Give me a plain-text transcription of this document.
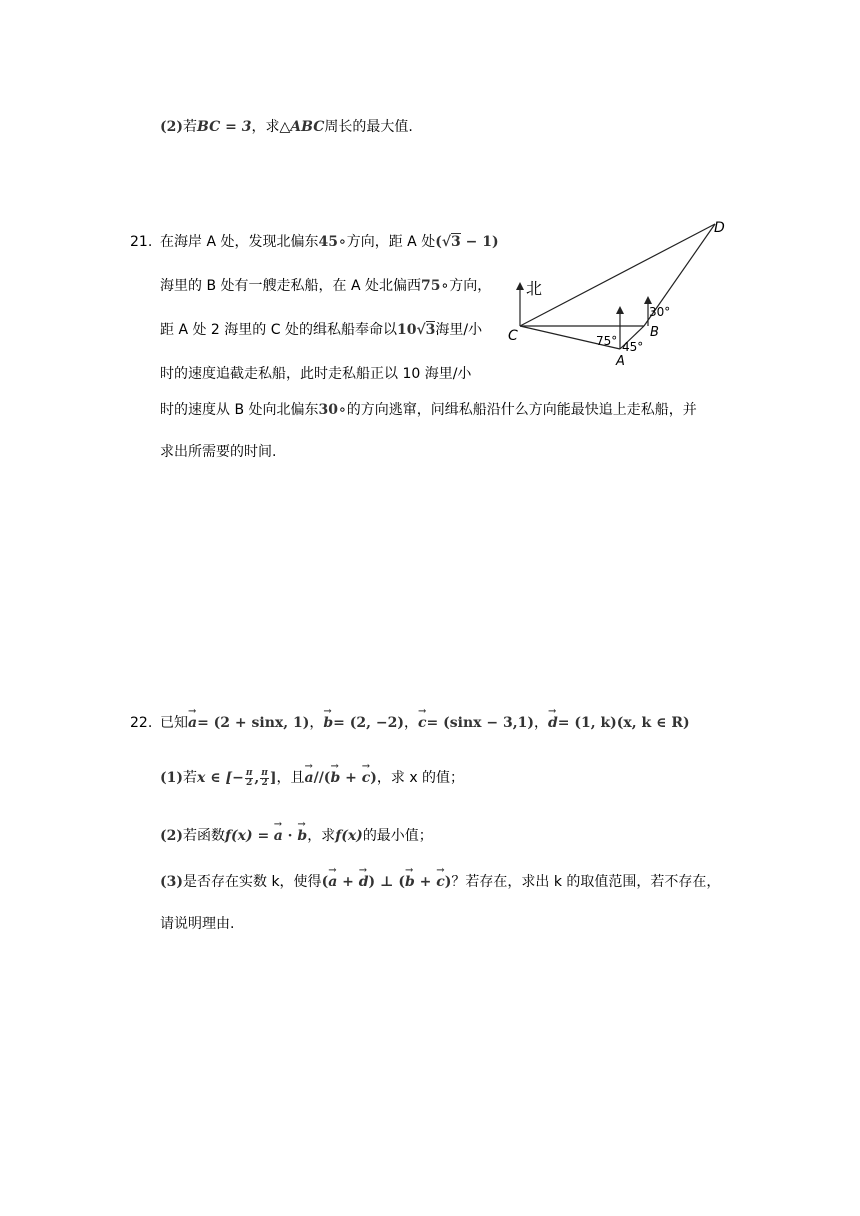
(2)若BC = 3，求△ABC周长的最大值.
21. 在海岸 A 处，发现北偏东45∘方向，距 A 处(√3 − 1)
海里的 B 处有一艘走私船，在 A 处北偏西75∘方向，
距 A 处 2 海里的 C 处的缉私船奉命以10√3海里/小
时的速度追截走私船，此时走私船正以 10 海里/小
时的速度从 B 处向北偏东30∘的方向逃窜，问缉私船沿什么方向能最快追上走私船，并
求出所需要的时间.
D
C
A
B
北
75° 45°
30°
22. 已知→ a= (2 + sinx, 1)，→ b= (2, −2)，→ c= (sinx − 3,1)，→ d= (1, k)(x, k ∈ R)
(1)若x ∈ [− $\frac{\pi}{2}$ , $\frac{\pi}{2}$ ]，且→ a//(→ b + → c)，求 x 的值；
(2)若函数f(x) = → a · → b，求f(x)的最小值；
(3)是否存在实数 k，使得(→ a + → d) ⊥ (→ b + → c)？若存在，求出 k 的取值范围，若不存在，
请说明理由.
